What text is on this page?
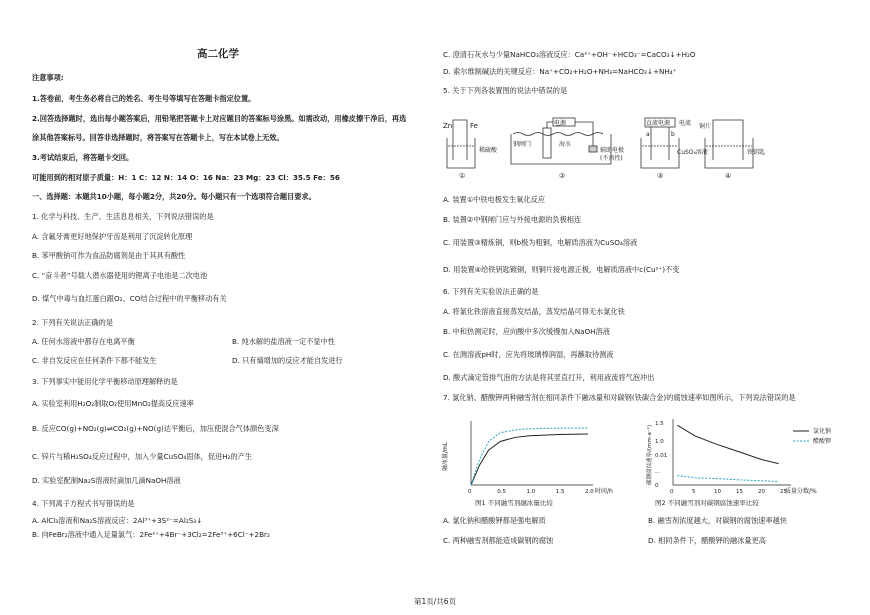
高二化学
注意事项:
1.答卷前，考生务必将自己的姓名、考生号等填写在答题卡指定位置。
2.回答选择题时，选出每小题答案后，用铅笔把答题卡上对应题目的答案标号涂黑。如需改动，用橡皮擦干净后，再选
涂其他答案标号。回答非选择题时，将答案写在答题卡上，写在本试卷上无效。
3.考试结束后，将答题卡交回。
可能用到的相对原子质量：H：1 C：12 N：14 O：16 Na：23 Mg：23 Cl：35.5 Fe：56
一、选择题：本题共10小题，每小题2分，共20分。每小题只有一个选项符合题目要求。
1. 化学与科技、生产、生活息息相关，下列说法错误的是
A. 含氟牙膏更好地保护牙齿是利用了沉淀转化原理
B. 苯甲酸钠可作为食品防腐剂是由于其具有酸性
C. “奋斗者”号载人潜水器使用的锂离子电池是二次电池
D. 煤气中毒与血红蛋白跟O₂、CO结合过程中的平衡移动有关
2. 下列有关说法正确的是
A. 任何水溶液中都存在电离平衡	B. 纯水解的盐溶液一定不显中性
C. 非自发反应在任何条件下都不能发生	D. 只有熵增加的反应才能自发进行
3. 下列事实中能用化学平衡移动原理解释的是
A. 实验室利用H₂O₂制取O₂使用MnO₂提高反应速率
B. 反应CO(g)+NO₂(g)⇌CO₂(g)+NO(g)达平衡后，加压使混合气体颜色变深
C. 锌片与稀H₂SO₄反应过程中，加入少量CuSO₄固体，促进H₂的产生
D. 实验室配制Na₂S溶液时滴加几滴NaOH溶液
4. 下列离子方程式书写错误的是
A. AlCl₃溶液和Na₂S溶液反应：2Al³⁺+3S²⁻=Al₂S₃↓
B. 向FeBr₂溶液中通入足量氯气：2Fe²⁺+4Br⁻+3Cl₂=2Fe³⁺+6Cl⁻+2Br₂
C. 澄清石灰水与少量NaHCO₃溶液反应：Ca²⁺+OH⁻+HCO₃⁻=CaCO₃↓+H₂O
D. 索尔维制碱法的关键反应：Na⁺+CO₂+H₂O+NH₃=NaHCO₃↓+NH₄⁺
5. 关于下列各装置图的说法中错误的是
Zn	Fe
稀硫酸
①
电源
钢闸门	海水
辅助电极
(不溶性)
②
直流电源 电流
a	b
③
铜片
铁钥匙
CuSO₄溶液
④
A. 装置①中铁电极发生氧化反应
B. 装置②中钢闸门应与外接电源的负极相连
C. 用装置③精炼铜，则b极为粗铜，电解质溶液为CuSO₄溶液
D. 用装置④给铁钥匙镀铜，则铜片接电源正极，电解质溶液中c(Cu²⁺)不变
6. 下列有关实验说法正确的是
A. 将氯化铁溶液直接蒸发结晶，蒸发结晶可得无水氯化铁
B. 中和热测定时，应向酸中多次缓慢加入NaOH溶液
C. 在测溶液pH时，应先将玻璃棒润湿，再蘸取待测液
D. 酸式滴定管排气泡的方法是将其竖直打开，利用液流将气泡冲出
7. 氯化钠、醋酸钾两种融雪剂在相同条件下融冰量和对碳钢(铁碳合金)的腐蚀速率如图所示，下列说法错误的是
融冰量/mL
0	0.5	1.0	1.5	2.0 时间/h
图1 不同融雪剂融冰量比较
碳钢腐蚀速率/(mm·a⁻¹)
0	5	10	15	20	25
0
...
0.01
1.0
1.5
氯化钠
醋酸钾
质量分数/%
图2 不同融雪剂对碳钢腐蚀速率比较
A. 氯化钠和醋酸钾都是强电解质	B. 融雪剂浓度越大，对碳钢的腐蚀速率越快
C. 两种融雪剂都能造成碳钢的腐蚀	D. 相同条件下，醋酸钾的融冰量更高
第1页/共6页
